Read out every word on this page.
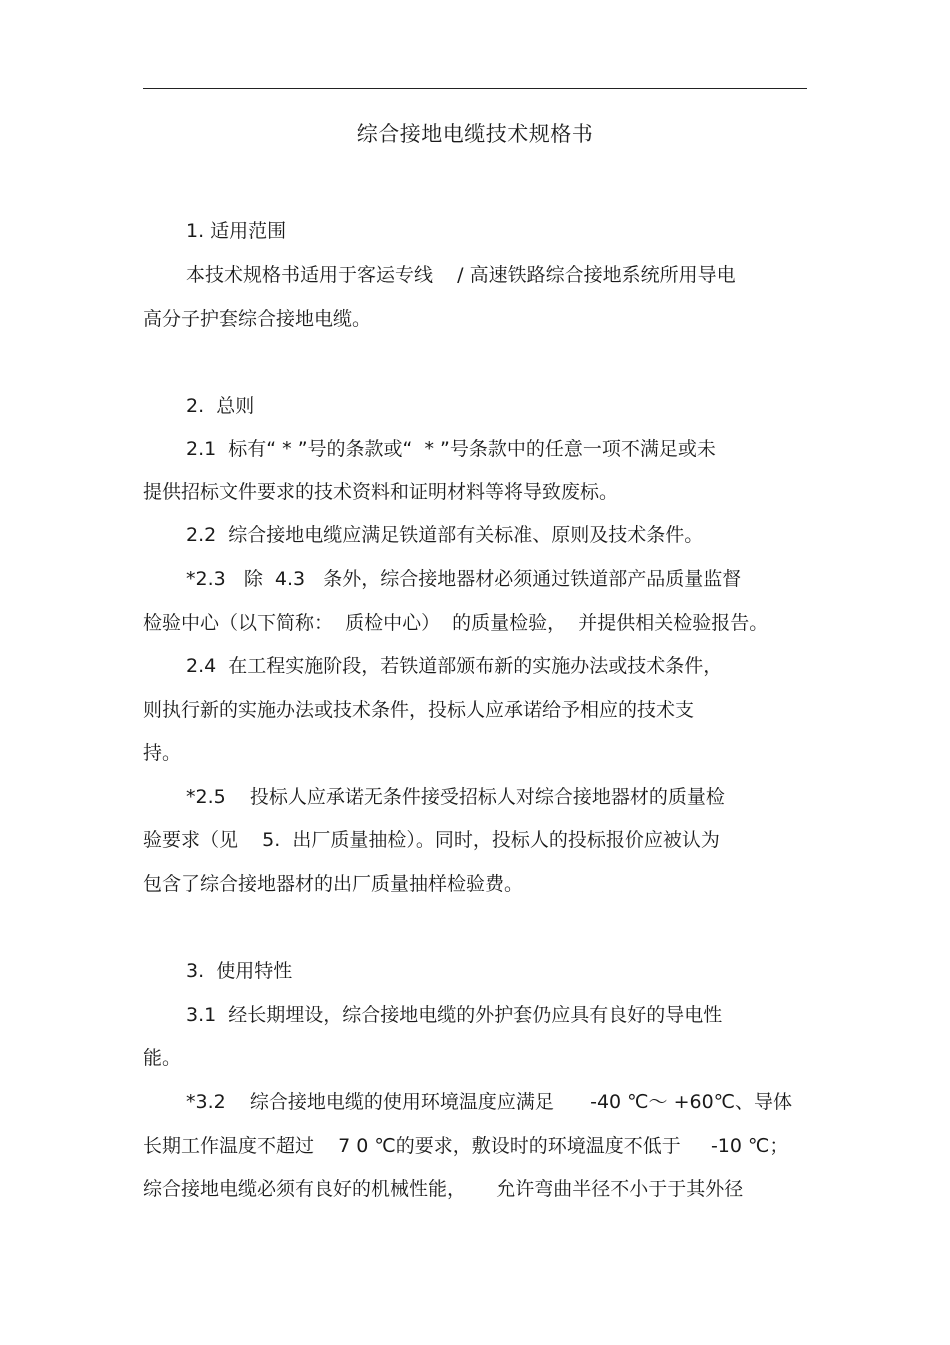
综合接地电缆技术规格书
1. 适用范围
本技术规格书适用于客运专线    / 高速铁路综合接地系统所用导电
高分子护套综合接地电缆。
2.  总则
2.1  标有“ * ”号的条款或“  * ”号条款中的任意一项不满足或未
提供招标文件要求的技术资料和证明材料等将导致废标。
2.2  综合接地电缆应满足铁道部有关标准、原则及技术条件。
*2.3   除  4.3   条外，综合接地器材必须通过铁道部产品质量监督
检验中心（以下简称：  质检中心）  的质量检验，  并提供相关检验报告。
2.4  在工程实施阶段，若铁道部颁布新的实施办法或技术条件，
则执行新的实施办法或技术条件，投标人应承诺给予相应的技术支
持。
*2.5    投标人应承诺无条件接受招标人对综合接地器材的质量检
验要求（见    5.  出厂质量抽检）。同时，投标人的投标报价应被认为
包含了综合接地器材的出厂质量抽样检验费。
3.  使用特性
3.1  经长期埋设，综合接地电缆的外护套仍应具有良好的导电性
能。
*3.2    综合接地电缆的使用环境温度应满足      -40 ℃～ +60℃、导体
长期工作温度不超过    7 0 ℃的要求，敷设时的环境温度不低于     -10 ℃；
综合接地电缆必须有良好的机械性能，     允许弯曲半径不小于于其外径
